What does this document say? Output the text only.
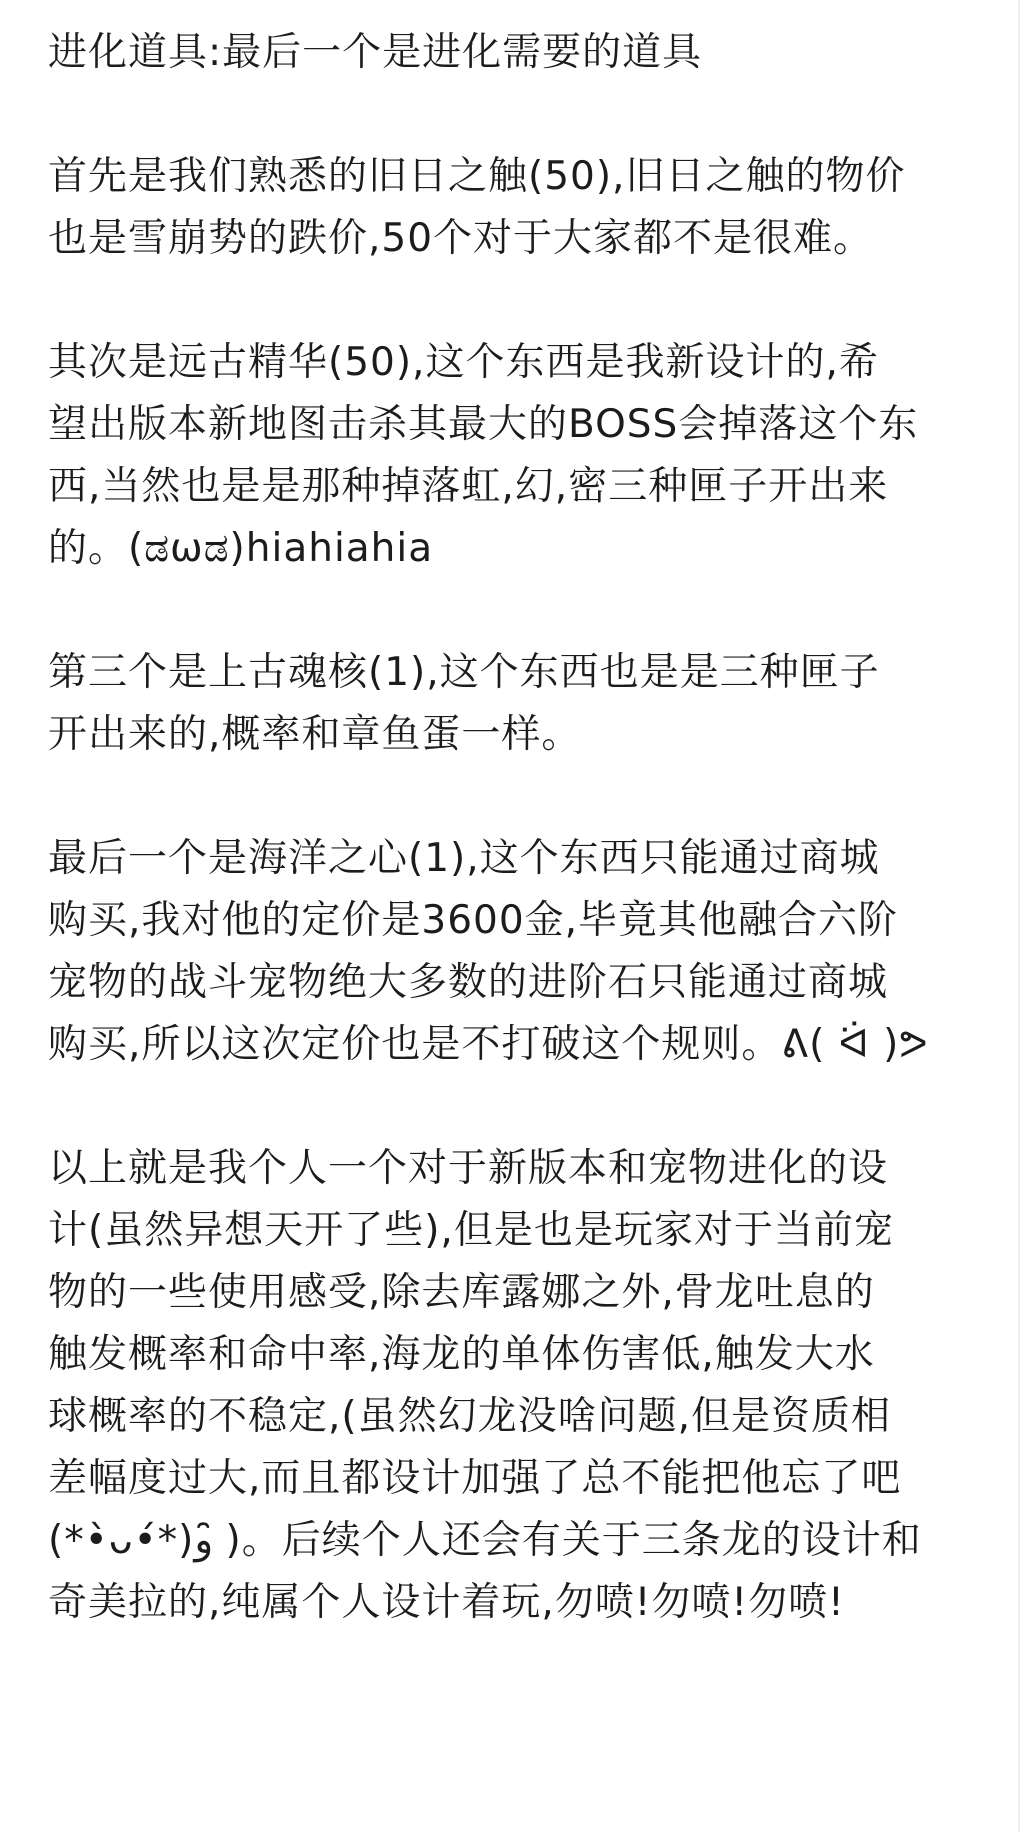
进化道具:最后一个是进化需要的道具

首先是我们熟悉的旧日之触(50),旧日之触的物价
也是雪崩势的跌价,50个对于大家都不是很难。

其次是远古精华(50),这个东西是我新设计的,希
望出版本新地图击杀其最大的BOSS会掉落这个东
西,当然也是是那种掉落虹,幻,密三种匣子开出来
的。(ಡωಡ)hiahiahia

第三个是上古魂核(1),这个东西也是是三种匣子
开出来的,概率和章鱼蛋一样。

最后一个是海洋之心(1),这个东西只能通过商城
购买,我对他的定价是3600金,毕竟其他融合六阶
宠物的战斗宠物绝大多数的进阶石只能通过商城
购买,所以这次定价也是不打破这个规则。ᕕ( ᐛ )ᕗ

以上就是我个人一个对于新版本和宠物进化的设
计(虽然异想天开了些),但是也是玩家对于当前宠
物的一些使用感受,除去库露娜之外,骨龙吐息的
触发概率和命中率,海龙的单体伤害低,触发大水
球概率的不稳定,(虽然幻龙没啥问题,但是资质相
差幅度过大,而且都设计加强了总不能把他忘了吧
(*•̀ᴗ•́*)و ̑̑)。后续个人还会有关于三条龙的设计和
奇美拉的,纯属个人设计着玩,勿喷!勿喷!勿喷!
